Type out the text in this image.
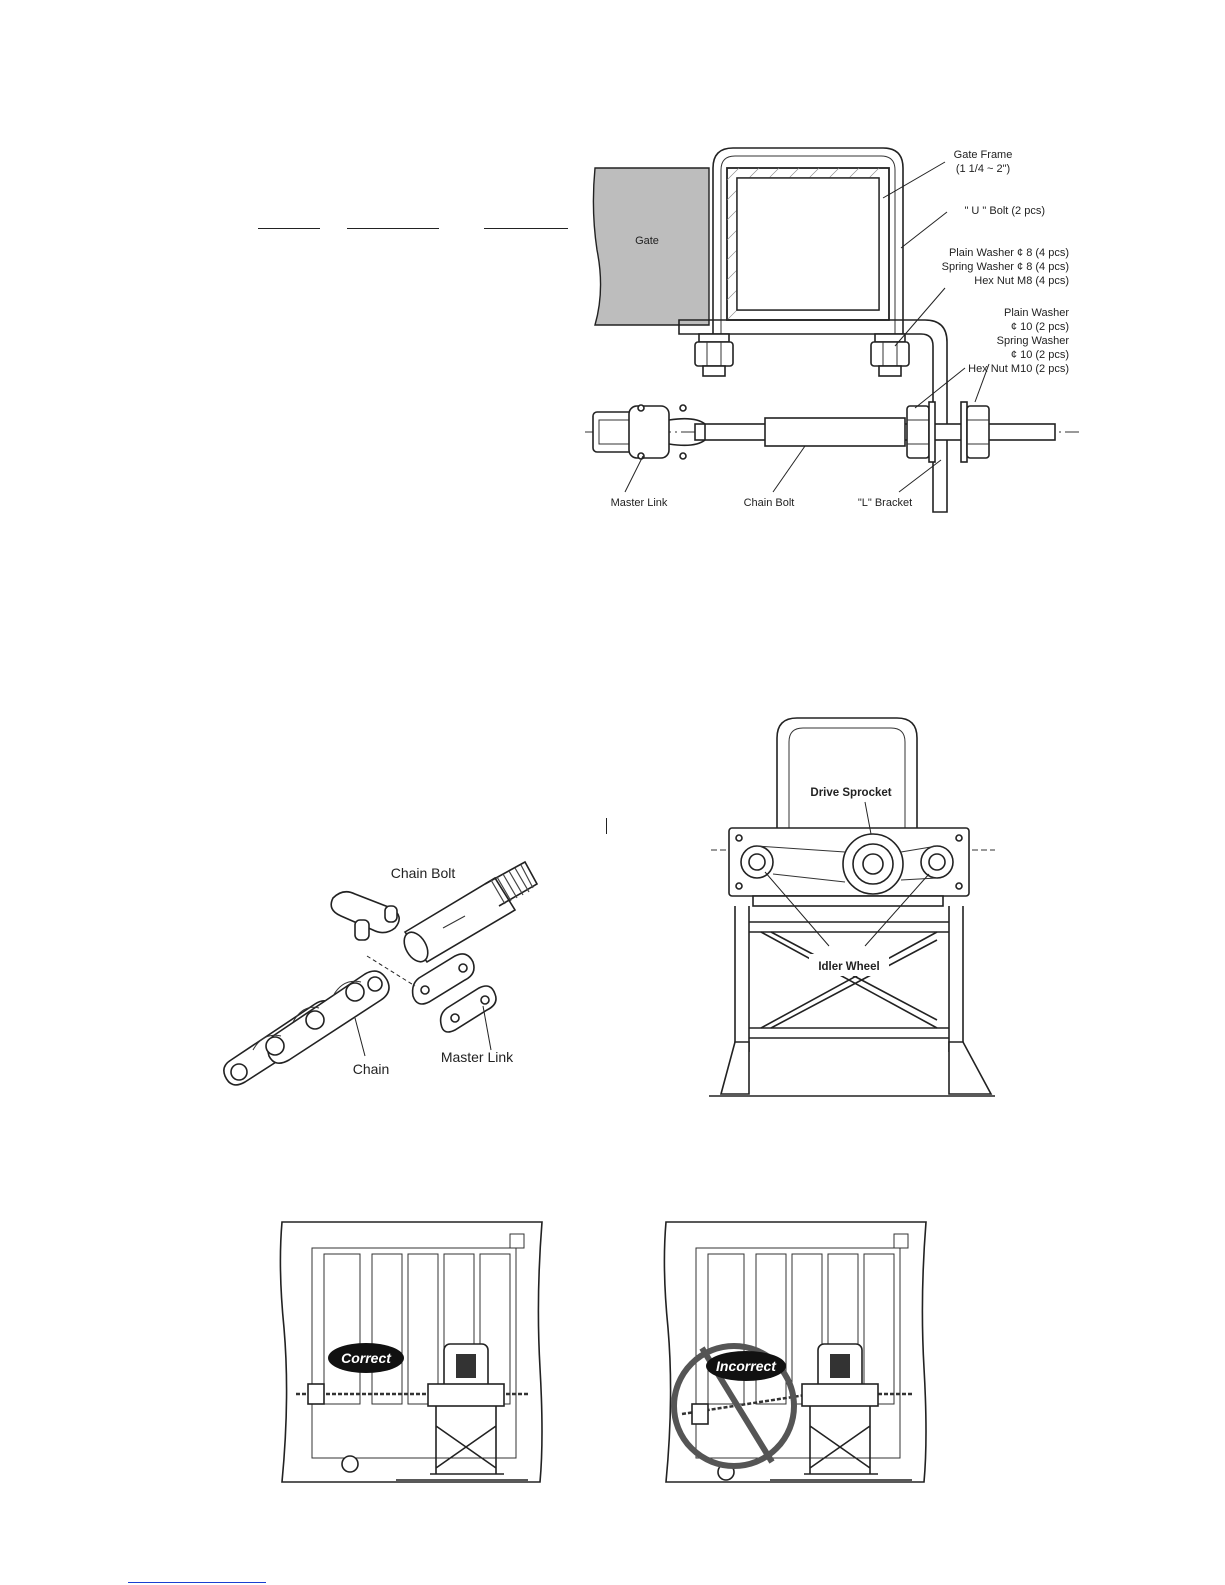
Gate
Gate Frame
(1 1/4 ~ 2")
" U " Bolt (2 pcs)
Plain Washer ¢ 8 (4 pcs)
Spring Washer ¢ 8 (4 pcs)
Hex Nut M8 (4 pcs)
Plain Washer
¢ 10 (2 pcs)
Spring Washer
¢ 10 (2 pcs)
Hex Nut M10 (2 pcs)
Master Link	Chain Bolt	"L" Bracket
Chain Bolt
Chain
Master Link
Drive Sprocket
Idler Wheel
Correct	Incorrect
